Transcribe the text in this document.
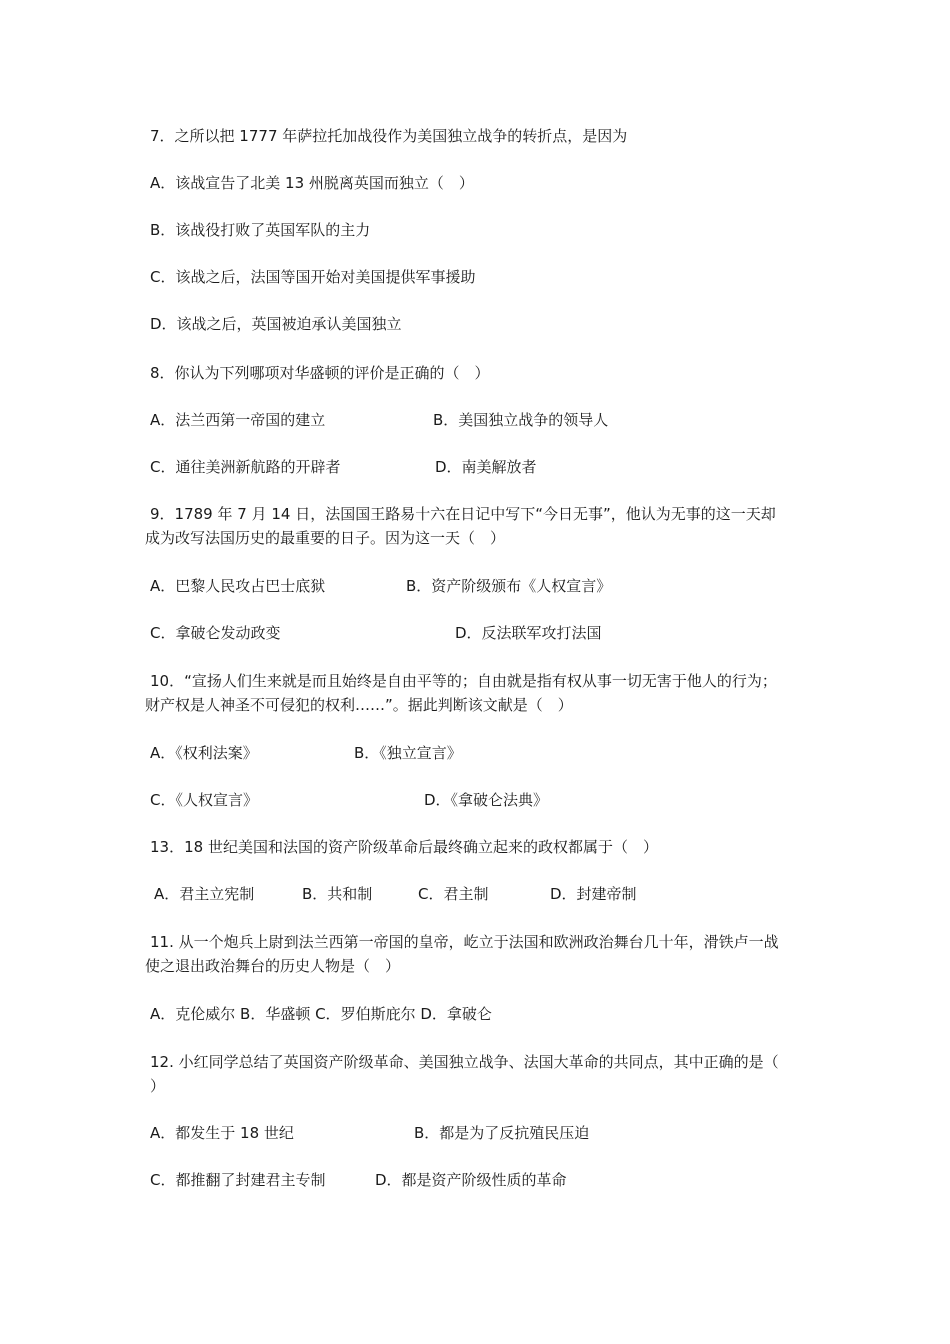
7．之所以把 1777 年萨拉托加战役作为美国独立战争的转折点，是因为
A．该战宣告了北美 13 州脱离英国而独立（　）
B．该战役打败了英国军队的主力
C．该战之后，法国等国开始对美国提供军事援助
D．该战之后，英国被迫承认美国独立
8．你认为下列哪项对华盛顿的评价是正确的（　）
A．法兰西第一帝国的建立	B．美国独立战争的领导人
C．通往美洲新航路的开辟者	D．南美解放者
9．1789 年 7 月 14 日，法国国王路易十六在日记中写下“今日无事”，他认为无事的这一天却
成为改写法国历史的最重要的日子。因为这一天（　）
A．巴黎人民攻占巴士底狱	B．资产阶级颁布《人权宣言》
C．拿破仑发动政变	D．反法联军攻打法国
10．“宣扬人们生来就是而且始终是自由平等的；自由就是指有权从事一切无害于他人的行为；
财产权是人神圣不可侵犯的权利……”。据此判断该文献是（　）
A．《权利法案》	B．《独立宣言》
C．《人权宣言》	D．《拿破仑法典》
13．18 世纪美国和法国的资产阶级革命后最终确立起来的政权都属于（　）
A．君主立宪制	B．共和制	C．君主制	D．封建帝制
11. 从一个炮兵上尉到法兰西第一帝国的皇帝，屹立于法国和欧洲政治舞台几十年，滑铁卢一战
使之退出政治舞台的历史人物是（　）
A．克伦威尔 B．华盛顿 C．罗伯斯庇尔 D．拿破仑
12. 小红同学总结了英国资产阶级革命、美国独立战争、法国大革命的共同点，其中正确的是（
）
A．都发生于 18 世纪	B．都是为了反抗殖民压迫
C．都推翻了封建君主专制	D．都是资产阶级性质的革命
